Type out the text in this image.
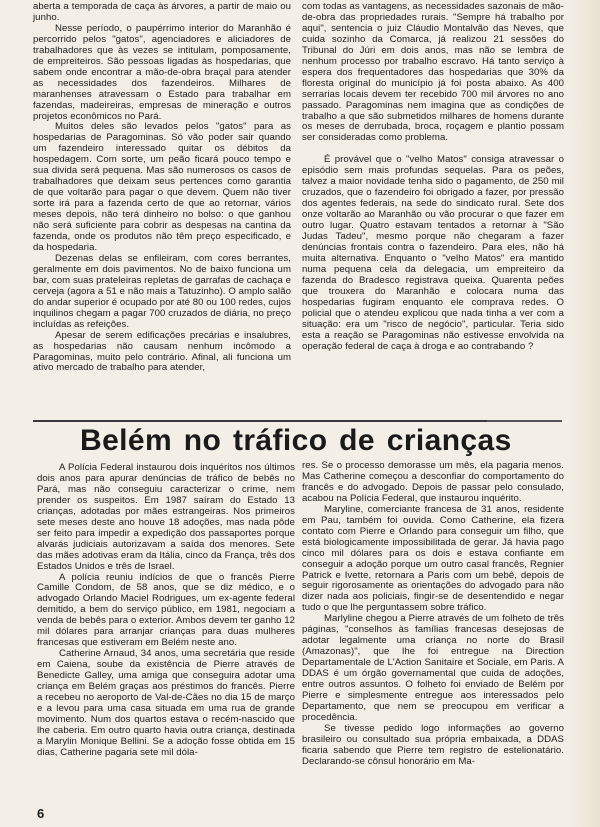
aberta a temporada de caça às árvores, a partir de maio ou junho.

Nesse período, o paupérrimo interior do Maranhão é percorrido pelos "gatos", agenciadores e aliciadores de trabalhadores que às vezes se intitulam, pomposamente, de empreiteiros. São pessoas ligadas às hospedarias, que sabem onde encontrar a mão-de-obra braçal para atender as necessidades dos fazendeiros. Milhares de maranhenses atravessam o Estado para trabalhar em fazendas, madeireiras, empresas de mineração e outros projetos econômicos no Pará.

Muitos deles são levados pelos "gatos" para as hospedarias de Paragominas. Só vão poder sair quando um fazendeiro interessado quitar os débitos da hospedagem. Com sorte, um peão ficará pouco tempo e sua divida será pequena. Mas são numerosos os casos de trabalhadores que deixam seus pertences como garantia de que voltarão para pagar o que devem. Quem não tiver sorte irá para a fazenda certo de que ao retornar, vários meses depois, não terá dinheiro no bolso: o que ganhou não será suficiente para cobrir as despesas na cantina da fazenda, onde os produtos não têm preço especificado, e da hospedaria.

Dezenas delas se enfileiram, com cores berrantes, geralmente em dois pavimentos. No de baixo funciona um bar, com suas prateleiras repletas de garrafas de cachaça e cerveja (agora a 51 e não mais a Tatuzinho). O amplo salão do andar superior é ocupado por até 80 ou 100 redes, cujos inquilinos chegam a pagar 700 cruzados de diária, no preço incluídas as refeições.

Apesar de serem edificações precárias e insalubres, as hospedarias não causam nenhum incômodo a Paragominas, muito pelo contrário. Afinal, ali funciona um ativo mercado de trabalho para atender,

com todas as vantagens, as necessidades sazonais de mão-de-obra das propriedades rurais. "Sempre há trabalho por aqui", sentencia o juiz Cláudio Montalvão das Neves, que cuida sozinho da Comarca, já realizou 21 sessões do Tribunal do Júri em dois anos, mas não se lembra de nenhum processo por trabalho escravo. Há tanto serviço à espera dos frequentadores das hospedarias que 30% da floresta original do município já foi posta abaixo. As 400 serrarias locais devem ter recebido 700 mil árvores no ano passado. Paragominas nem imagina que as condições de trabalho a que são submetidos milhares de homens durante os meses de derrubada, broca, roçagem e plantio possam ser consideradas como problema.

É provável que o "velho Matos" consiga atravessar o episódio sem mais profundas sequelas. Para os peões, talvez a maior novidade tenha sido o pagamento, de 250 mil cruzados, que o fazendeiro foi obrigado a fazer, por pressão dos agentes federais, na sede do sindicato rural. Sete dos onze voltarão ao Maranhão ou vão procurar o que fazer em outro lugar. Quatro estavam tentados a retornar à "São Judas Tadeu", mesmo porque não chegaram a fazer denúncias frontais contra o fazendeiro. Para eles, não há muita alternativa. Enquanto o "velho Matos" era mantido numa pequena cela da delegacia, um empreiteiro da fazenda do Bradesco registrava queixa. Quarenta peões que trouxera do Maranhão e colocara numa das hospedarias fugiram enquanto ele comprava redes. O policial que o atendeu explicou que nada tinha a ver com a situação: era um "risco de negócio", particular. Teria sido esta a reação se Paragominas não estivesse envolvida na operação federal de caça à droga e ao contrabando ?

Belém no tráfico de crianças

A Polícia Federal instaurou dois inquéritos nos últimos dois anos para apurar denúncias de tráfico de bebês no Pará, mas não conseguiu caracterizar o crime, nem prender os suspeitos. Em 1987 saíram do Estado 13 crianças, adotadas por mães estrangeiras. Nos primeiros sete meses deste ano houve 18 adoções, mas nada pôde ser feito para impedir a expedição dos passaportes porque alvarás judiciais autorizavam a saída dos menores. Sete das mães adotivas eram da Itália, cinco da França, três dos Estados Unidos e três de Israel.

A polícia reuniu indícios de que o francês Pierre Camille Condom, de 58 anos, que se diz médico, e o advogado Orlando Maciel Rodrigues, um ex-agente federal demitido, a bem do serviço público, em 1981, negociam a venda de bebês para o exterior. Ambos devem ter ganho 12 mil dólares para arranjar crianças para duas mulheres francesas que estiveram em Belém neste ano.

Catherine Arnaud, 34 anos, uma secretária que reside em Caiena, soube da existência de Pierre através de Benedicte Galley, uma amiga que conseguira adotar uma criança em Belém graças aos préstimos do francês. Pierre a recebeu no aeroporto de Val-de-Cães no dia 15 de março e a levou para uma casa situada em uma rua de grande movimento. Num dos quartos estava o recém-nascido que lhe caberia. Em outro quarto havia outra criança, destinada a Marylin Monique Bellini. Se a adoção fosse obtida em 15 dias, Catherine pagaria sete mil dóla-

res. Se o processo demorasse um mês, ela pagaria menos. Mas Catherine começou a desconfiar do comportamento do francês e do advogado. Depois de passar pelo consulado, acabou na Polícia Federal, que instaurou inquérito.

Maryline, comerciante francesa de 31 anos, residente em Pau, também foi ouvida. Como Catherine, ela fizera contato com Pierre e Orlando para conseguir um filho, que está biologicamente impossibilitada de gerar. Já havia pago cinco mil dólares para os dois e estava confiante em conseguir a adoção porque um outro casal francês, Regnier Patrick e Ivette, retornara a Paris com um bebê, depois de seguir rigorosamente as orientações do advogado para não dizer nada aos policiais, fingir-se de desentendido e negar tudo o que lhe perguntassem sobre tráfico.

Marlyline chegou a Pierre através de um folheto de três páginas, "conselhos às famílias francesas desejosas de adotar legalmente uma criança no norte do Brasil (Amazonas)", que lhe foi entregue na Direction Departamentale de L'Action Sanitaire et Sociale, em Paris. A DDAS é um órgão governamental que cuida de adoções, entre outros assuntos. O folheto foi enviado de Belém por Pierre e simplesmente entregue aos interessados pelo Departamento, que nem se preocupou em verificar a procedência.

Se tivesse pedido logo informações ao governo brasileiro ou consultado sua própria embaixada, a DDAS ficaria sabendo que Pierre tem registro de estelionatário. Declarando-se cônsul honorário em Ma-

6
